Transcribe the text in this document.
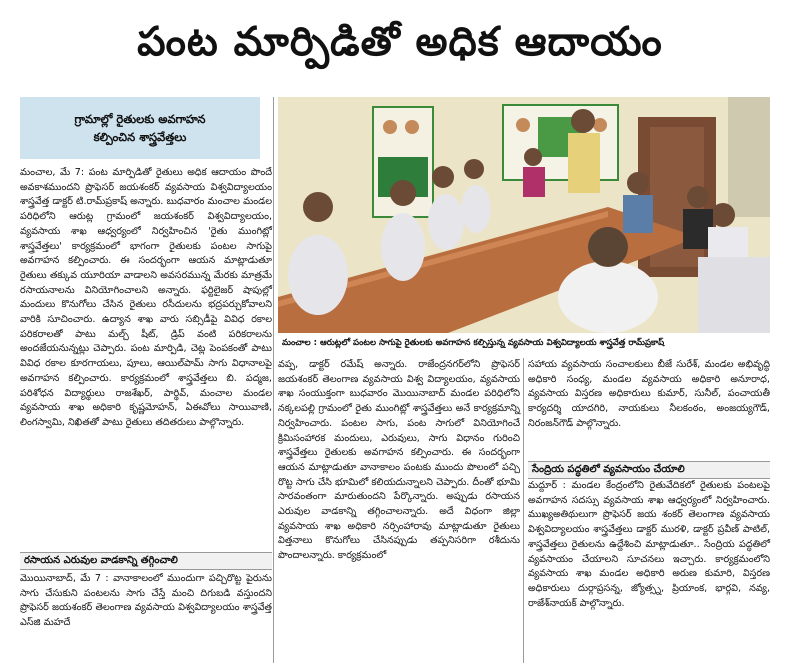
పంట మార్పిడితో అధిక ఆదాయం
గ్రామాల్లో రైతులకు అవగాహన
కల్పించిన శాస్త్రవేత్తలు
మంచాల : ఆరుట్లలో పంటల సాగుపై రైతులకు అవగాహన కల్పిస్తున్న వ్యవసాయ విశ్వవిద్యాలయ శాస్త్రవేత్త రామ్‌ప్రకాష్

మంచాల, మే 7: పంట మార్పిడితో రైతులు అధిక ఆదాయం పొందే అవకాశముందని ప్రొఫెసర్ జయశంకర్ వ్యవసాయ విశ్వవిద్యాలయం శాస్త్రవేత్త డాక్టర్ టి.రామ్‌ప్రకాష్ అన్నారు. బుధవారం మంచాల మండల పరిధిలోని ఆరుట్ల గ్రామంలో జయశంకర్ విశ్వవిద్యాలయం, వ్యవసాయ శాఖ ఆధ్వర్యంలో నిర్వహించిన 'రైతు ముంగిట్లో శాస్త్రవేత్తలు' కార్యక్రమంలో భాగంగా రైతులకు పంటల సాగుపై అవగాహన కల్పించారు. ఈ సందర్భంగా ఆయన మాట్లాడుతూ రైతులు తక్కువ యూరియా వాడాలని అవసరమున్న మేరకు మాత్రమే రసాయనాలను వినియోగించాలని అన్నారు. ఫర్టిలైజర్ షాపుల్లో మందులు కొనుగోలు చేసిన రైతులు రసీదులను భద్రపర్చుకోవాలని వారికి సూచించారు. ఉద్యాన శాఖ వారు సబ్సిడీపై వివిధ రకాల పరికరాలతో పాటు మల్చ్ షీట్, డ్రిప్ వంటి పరికరాలను అందజేయనున్నట్లు చెప్పారు. పంట మార్పిడి, చెట్ల పెంపకంతో పాటు వివిధ రకాల కూరగాయలు, పూలు, ఆయిల్‌పామ్ సాగు విధానాలపై అవగాహన కల్పించారు. కార్యక్రమంలో శాస్త్రవేత్తలు బి. పద్మజ, పరిశోధన విద్యార్థులు రాజశేఖర్, పార్థివ్, మంచాల మండల వ్యవసాయ శాఖ అధికారి కృష్ణమోహన్, ఏఈవోలు సాయివాణి, లింగస్వామి, నిఖితతో పాటు రైతులు తదితరులు పాల్గొన్నారు.

రసాయన ఎరువుల వాడకాన్ని తగ్గించాలి

మొయినాబాద్, మే 7 : వానాకాలంలో ముందుగా పచ్చిరొట్ట పైరును సాగు చేసుకుని పంటలను సాగు చేస్తే మంచి దిగుబడి వస్తుందని ప్రొఫెసర్ జయశంకర్ తెలంగాణ వ్యవసాయ విశ్వవిద్యాలయం శాస్త్రవేత్త ఎస్‌జి మహదే

వప్ప, డాక్టర్ రమేష్ అన్నారు. రాజేంద్రనగర్‌లోని ప్రొఫెసర్ జయశంకర్ తెలంగాణ వ్యవసాయ విశ్వ విద్యాలయం, వ్యవసాయ శాఖ సంయుక్తంగా బుధవారం మొయినాబాద్ మండల పరిధిలోని నక్కలపల్లి గ్రామంలో రైతు ముంగిట్లో శాస్త్రవేత్తలు అనే కార్యక్రమాన్ని నిర్వహించారు. పంటల సాగు, పంట సాగులో వినియోగించే క్రిమిసంహారక మందులు, ఎరువులు, సాగు విధానం గురించి శాస్త్రవేత్తలు రైతులకు అవగాహన కల్పించారు. ఈ సందర్భంగా ఆయన మాట్లాడుతూ వానాకాలం పంటకు ముందు పొలంలో పచ్చి రొట్ట సాగు చేసి భూమిలో కలియదున్నాలని చెప్పారు. దీంతో భూమి సారవంతంగా మారుతుందని పేర్కొన్నారు. అప్పుడు రసాయన ఎరువుల వాడకాన్ని తగ్గించాలన్నారు. అదే విధంగా జిల్లా వ్యవసాయ శాఖ అధికారి నర్సింహారావు మాట్లాడుతూ రైతులు విత్తనాలు కొనుగోలు చేసినప్పుడు తప్పనిసరిగా రశీదును పొందాలన్నారు. కార్యక్రమంలో

సహాయ వ్యవసాయ సంచాలకులు బీజే సురేశ్, మండల అభివృద్ధి అధికారి సంధ్య, మండల వ్యవసాయ అధికారి అనూరాధ, వ్యవసాయ విస్తరణ అధికారులు కుమార్, సునీల్, పంచాయతీ కార్యదర్శి యాదగిరి, నాయకులు నీలకంఠం, అంజయ్యగౌడ్, నిరంజన్‌గౌడ్ పాల్గొన్నారు.

సేంద్రియ పద్ధతిలో వ్యవసాయం చేయాలి

మద్దూర్ : మండల కేంద్రంలోని రైతువేదికలో రైతులకు పంటలపై అవగాహన సదస్సు వ్యవసాయ శాఖ ఆధ్వర్యంలో నిర్వహించారు. ముఖ్యఅతిథులుగా ప్రొఫెసర్ జయ శంకర్ తెలంగాణ వ్యవసాయ విశ్వవిద్యాలయం శాస్త్రవేత్తలు డాక్టర్ మురళి, డాక్టర్ ప్రవీణ్ పాటిల్, శాస్త్రవేత్తలు రైతులను ఉద్దేశించి మాట్లాడుతూ.. సేంద్రియ పద్ధతిలో వ్యవసాయం చేయాలని సూచనలు ఇచ్చారు. కార్యక్రమంలోని వ్యవసాయ శాఖ మండల అధికారి అరుణ కుమారి, విస్తరణ అధికారులు దుర్గాప్రసన్న, జ్యోత్స్న, ప్రియాంక, భార్గవి, నవ్య, రాజేశ్‌నాయక్ పాల్గొన్నారు.
